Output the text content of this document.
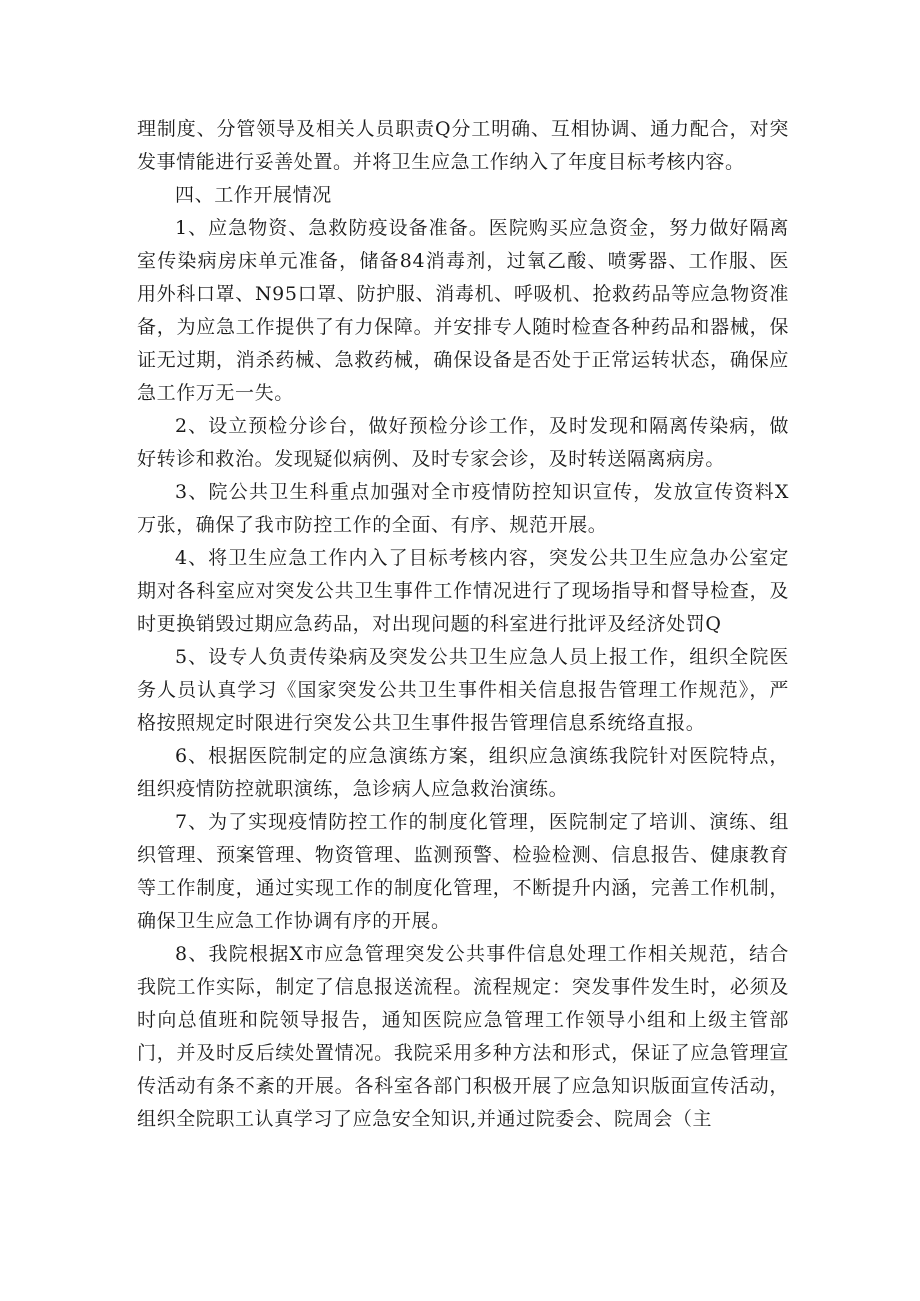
理制度、分管领导及相关人员职责Q分工明确、互相协调、通力配合，对突发事情能进行妥善处置。并将卫生应急工作纳入了年度目标考核内容。

四、工作开展情况

1、应急物资、急救防疫设备准备。医院购买应急资金，努力做好隔离室传染病房床单元准备，储备84消毒剂，过氧乙酸、喷雾器、工作服、医用外科口罩、N95口罩、防护服、消毒机、呼吸机、抢救药品等应急物资准备，为应急工作提供了有力保障。并安排专人随时检查各种药品和器械，保证无过期，消杀药械、急救药械，确保设备是否处于正常运转状态，确保应急工作万无一失。

2、设立预检分诊台，做好预检分诊工作，及时发现和隔离传染病，做好转诊和救治。发现疑似病例、及时专家会诊，及时转送隔离病房。

3、院公共卫生科重点加强对全市疫情防控知识宣传，发放宣传资料X万张，确保了我市防控工作的全面、有序、规范开展。

4、将卫生应急工作内入了目标考核内容，突发公共卫生应急办公室定期对各科室应对突发公共卫生事件工作情况进行了现场指导和督导检查，及时更换销毁过期应急药品，对出现问题的科室进行批评及经济处罚Q

5、设专人负责传染病及突发公共卫生应急人员上报工作，组织全院医务人员认真学习《国家突发公共卫生事件相关信息报告管理工作规范》，严格按照规定时限进行突发公共卫生事件报告管理信息系统络直报。

6、根据医院制定的应急演练方案，组织应急演练我院针对医院特点，组织疫情防控就职演练，急诊病人应急救治演练。

7、为了实现疫情防控工作的制度化管理，医院制定了培训、演练、组织管理、预案管理、物资管理、监测预警、检验检测、信息报告、健康教育等工作制度，通过实现工作的制度化管理，不断提升内涵，完善工作机制，确保卫生应急工作协调有序的开展。

8、我院根据X市应急管理突发公共事件信息处理工作相关规范，结合我院工作实际，制定了信息报送流程。流程规定：突发事件发生时，必须及时向总值班和院领导报告，通知医院应急管理工作领导小组和上级主管部门，并及时反后续处置情况。我院采用多种方法和形式，保证了应急管理宣传活动有条不紊的开展。各科室各部门积极开展了应急知识版面宣传活动，组织全院职工认真学习了应急安全知识,并通过院委会、院周会（主
